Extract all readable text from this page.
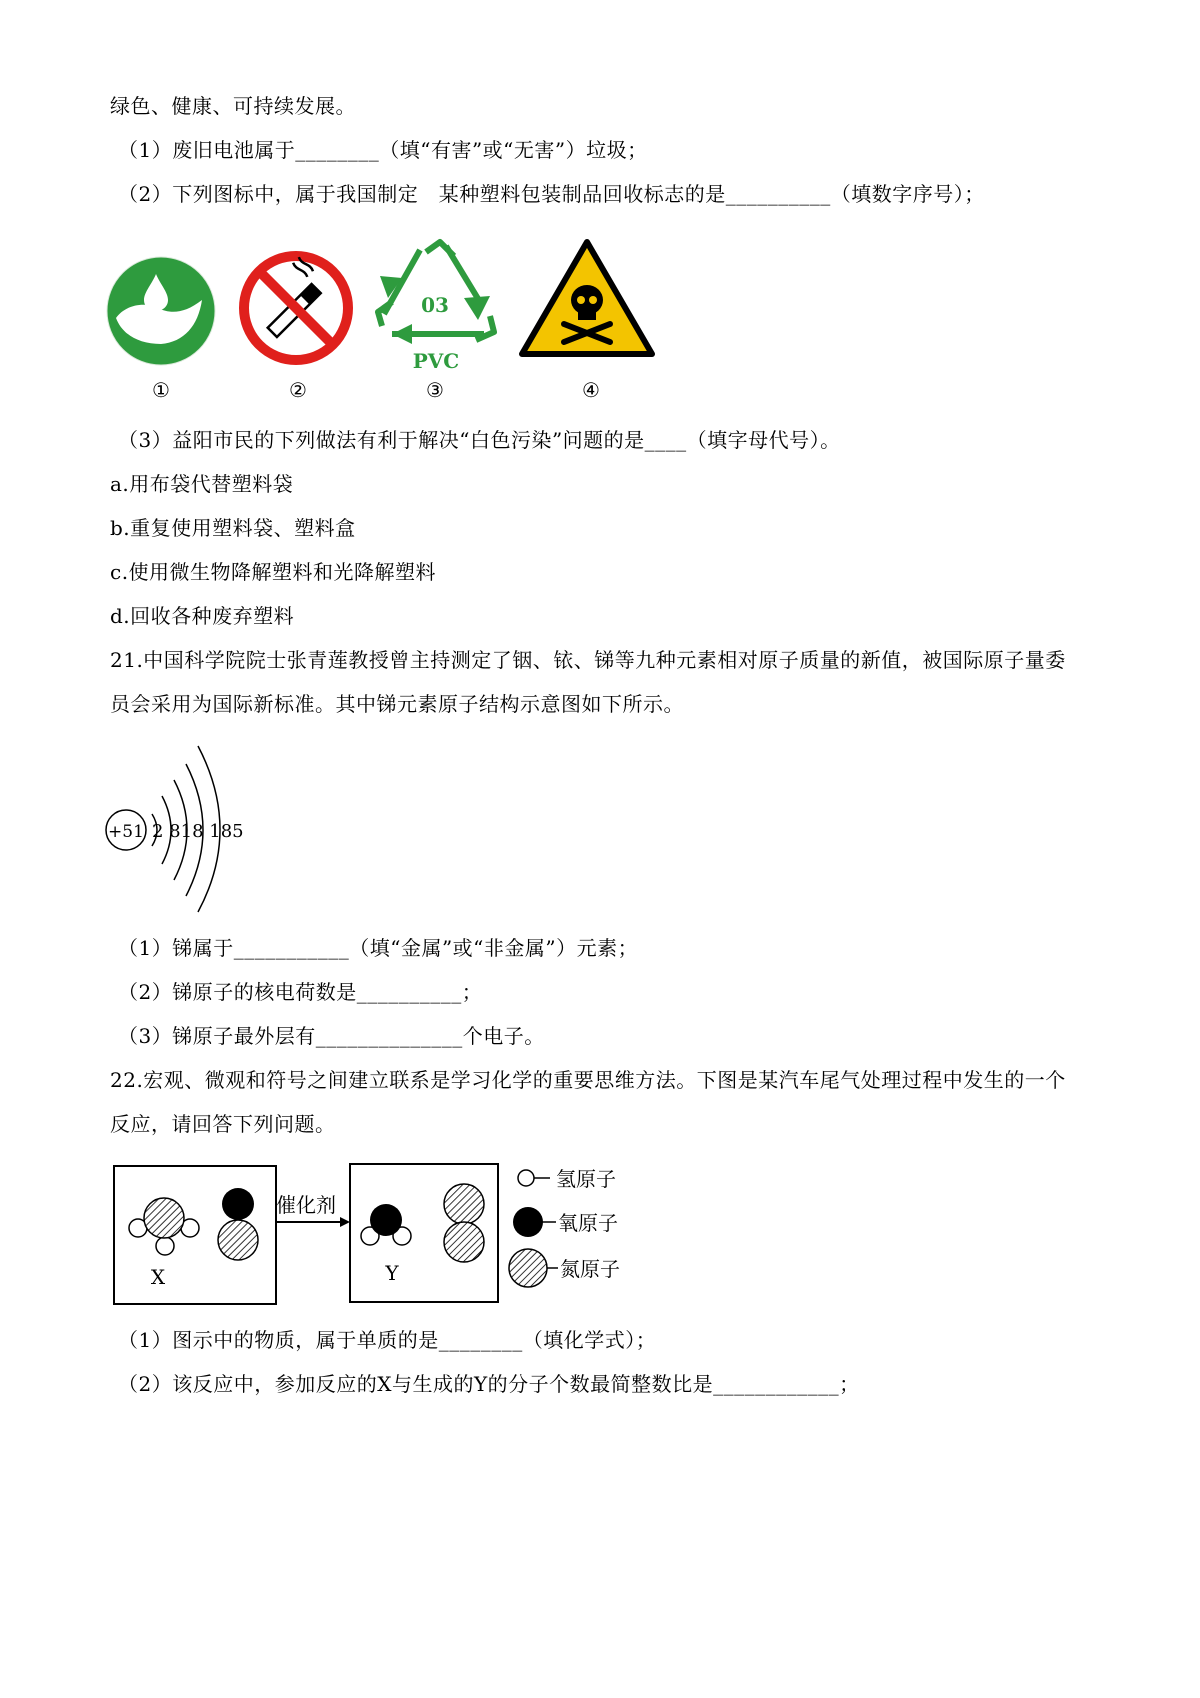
绿色、健康、可持续发展。
（1）废旧电池属于________（填“有害”或“无害”）垃圾；
（2）下列图标中，属于我国制定　某种塑料包装制品回收标志的是__________（填数字序号）；
03
PVC
①	②	③	④
（3）益阳市民的下列做法有利于解决“白色污染”问题的是____（填字母代号）。
a.用布袋代替塑料袋
b.重复使用塑料袋、塑料盒
c.使用微生物降解塑料和光降解塑料
d.回收各种废弃塑料
21.中国科学院院士张青莲教授曾主持测定了铟、铱、锑等九种元素相对原子质量的新值，被国际原子量委
员会采用为国际新标准。其中锑元素原子结构示意图如下所示。
+51 2 818 185
（1）锑属于___________（填“金属”或“非金属”）元素；
（2）锑原子的核电荷数是__________；
（3）锑原子最外层有______________个电子。
22.宏观、微观和符号之间建立联系是学习化学的重要思维方法。下图是某汽车尾气处理过程中发生的一个
反应，请回答下列问题。
X
催化剂
Y
氢原子
氧原子
氮原子
（1）图示中的物质，属于单质的是________（填化学式）；
（2）该反应中，参加反应的X与生成的Y的分子个数最简整数比是____________；
